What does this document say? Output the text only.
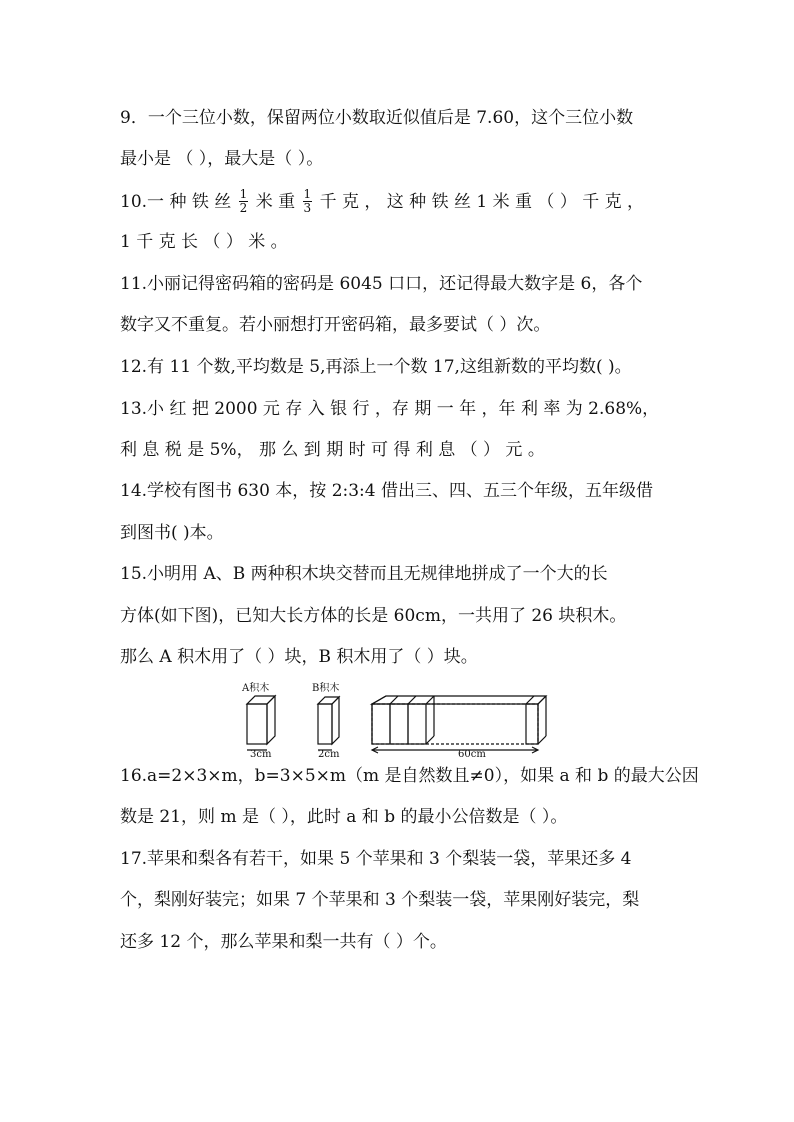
9．一个三位小数，保留两位小数取近似值后是 7.60，这个三位小数
最小是 （ ），最大是（ ）。
10.一 种 铁 丝 $\frac{1}{2}$ 米 重 $\frac{1}{3}$ 千 克 ， 这 种 铁 丝 1 米 重 （ ） 千 克 ，
1 千 克 长 （ ） 米 。
11.小丽记得密码箱的密码是 6045 口口，还记得最大数字是 6，各个
数字又不重复。若小丽想打开密码箱，最多要试（ ）次。
12.有 11 个数,平均数是 5,再添上一个数 17,这组新数的平均数( )。
13.小 红 把 2000 元 存 入 银 行 ，存 期 一 年 ，年 利 率 为 2.68%，
利 息 税 是 5%， 那 么 到 期 时 可 得 利 息 （ ） 元 。
14.学校有图书 630 本，按 2:3:4 借出三、四、五三个年级，五年级借
到图书( )本。
15.小明用 A、B 两种积木块交替而且无规律地拼成了一个大的长
方体(如下图)，已知大长方体的长是 60cm，一共用了 26 块积木。
那么 A 积木用了（ ）块，B 积木用了（ ）块。
A积木	B积木
3cm	2cm	60cm
16.a=2×3×m，b=3×5×m（m 是自然数且≠0），如果 a 和 b 的最大公因
数是 21，则 m 是（ ），此时 a 和 b 的最小公倍数是（ ）。
17.苹果和梨各有若干，如果 5 个苹果和 3 个梨装一袋，苹果还多 4
个，梨刚好装完；如果 7 个苹果和 3 个梨装一袋，苹果刚好装完，梨
还多 12 个，那么苹果和梨一共有（ ）个。
